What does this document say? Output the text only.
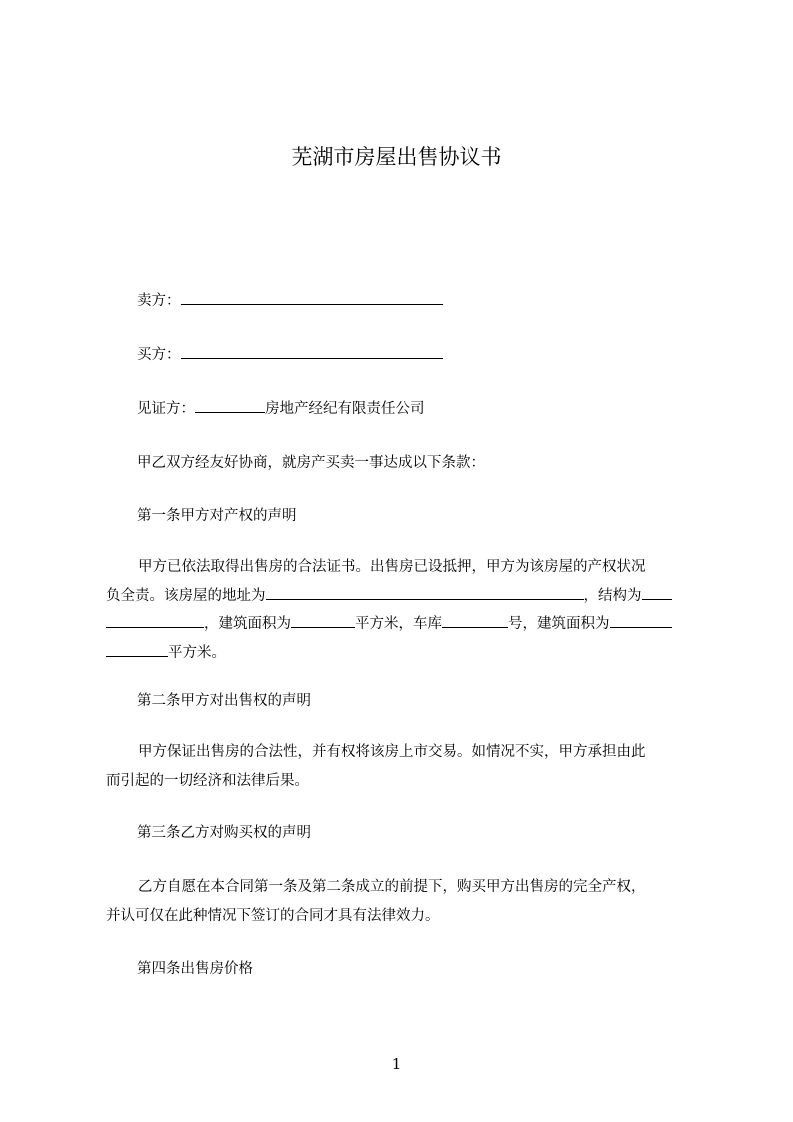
芜湖市房屋出售协议书
卖方：
买方：
见证方：	房地产经纪有限责任公司
甲乙双方经友好协商，就房产买卖一事达成以下条款：
第一条甲方对产权的声明
甲方已依法取得出售房的合法证书。出售房已设抵押，甲方为该房屋的产权状况
负全责。该房屋的地址为	，结构为
，建筑面积为	平方米，车库	号，建筑面积为
平方米。
第二条甲方对出售权的声明
甲方保证出售房的合法性，并有权将该房上市交易。如情况不实，甲方承担由此
而引起的一切经济和法律后果。
第三条乙方对购买权的声明
乙方自愿在本合同第一条及第二条成立的前提下，购买甲方出售房的完全产权，
并认可仅在此种情况下签订的合同才具有法律效力。
第四条出售房价格
1
